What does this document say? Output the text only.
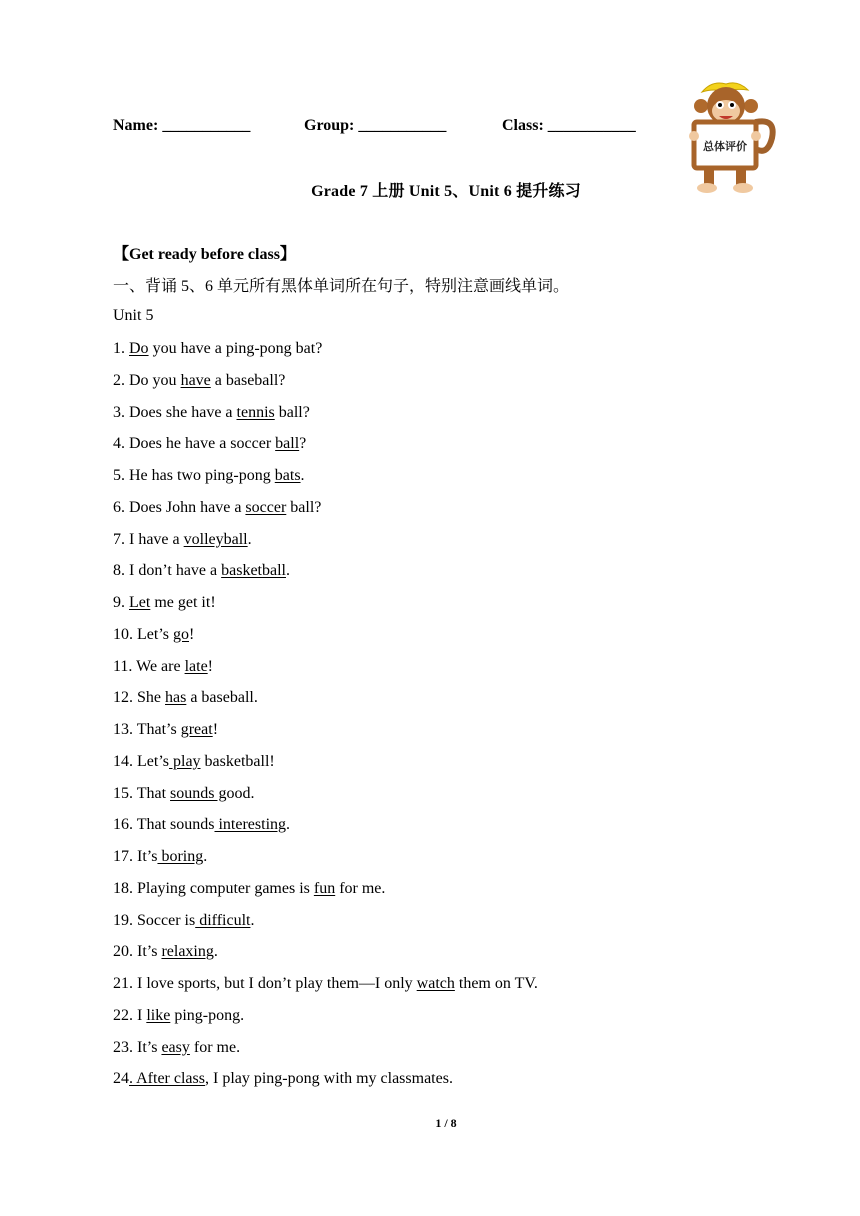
Name: ___________	Group: ___________	Class: ___________
总体评价
Grade 7 上册 Unit 5、Unit 6 提升练习
【Get ready before class】
一、背诵 5、6 单元所有黑体单词所在句子，特别注意画线单词。
Unit 5
1. Do you have a ping-pong bat?
2. Do you have a baseball?
3. Does she have a tennis ball?
4. Does he have a soccer ball?
5. He has two ping-pong bats.
6. Does John have a soccer ball?
7. I have a volleyball.
8. I don’t have a basketball.
9. Let me get it!
10. Let’s go!
11. We are late!
12. She has a baseball.
13. That’s great!
14. Let’s play basketball!
15. That sounds good.
16. That sounds interesting.
17. It’s boring.
18. Playing computer games is fun for me.
19. Soccer is difficult.
20. It’s relaxing.
21. I love sports, but I don’t play them—I only watch them on TV.
22. I like ping-pong.
23. It’s easy for me.
24. After class, I play ping-pong with my classmates.
1 / 8
